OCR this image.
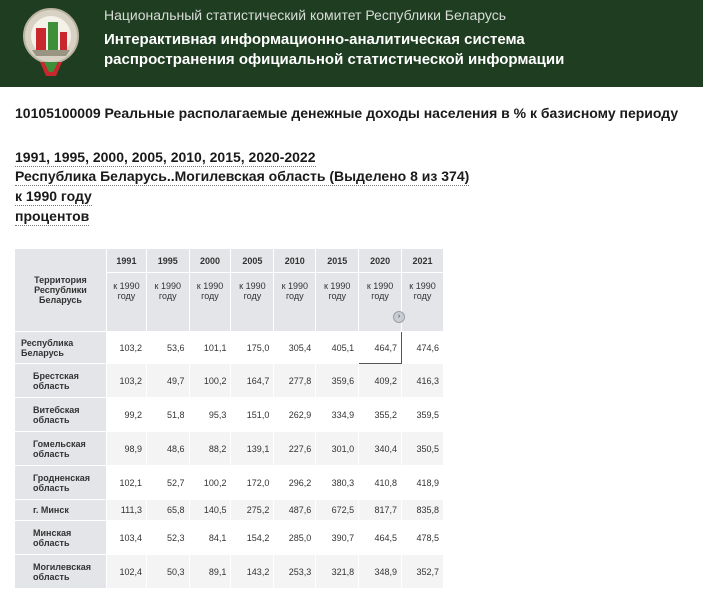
Национальный статистический комитет Республики Беларусь
Интерактивная информационно-аналитическая система
распространения официальной статистической информации
10105100009 Реальные располагаемые денежные доходы населения в % к базисному периоду
1991, 1995, 2000, 2005, 2010, 2015, 2020-2022
Республика Беларусь..Могилевская область (Выделено 8 из 374)
к 1990 году
процентов
Территория Республики Беларусь	1991	1995	2000	2005	2010	2015	2020	2021
	к 1990 году	к 1990 году	к 1990 году	к 1990 году	к 1990 году	к 1990 году	к 1990 году	к 1990 году
Республика Беларусь	103,2	53,6	101,1	175,0	305,4	405,1	464,7	474,6
Брестская область	103,2	49,7	100,2	164,7	277,8	359,6	409,2	416,3
Витебская область	99,2	51,8	95,3	151,0	262,9	334,9	355,2	359,5
Гомельская область	98,9	48,6	88,2	139,1	227,6	301,0	340,4	350,5
Гродненская область	102,1	52,7	100,2	172,0	296,2	380,3	410,8	418,9
г. Минск	111,3	65,8	140,5	275,2	487,6	672,5	817,7	835,8
Минская область	103,4	52,3	84,1	154,2	285,0	390,7	464,5	478,5
Могилевская область	102,4	50,3	89,1	143,2	253,3	321,8	348,9	352,7
›
